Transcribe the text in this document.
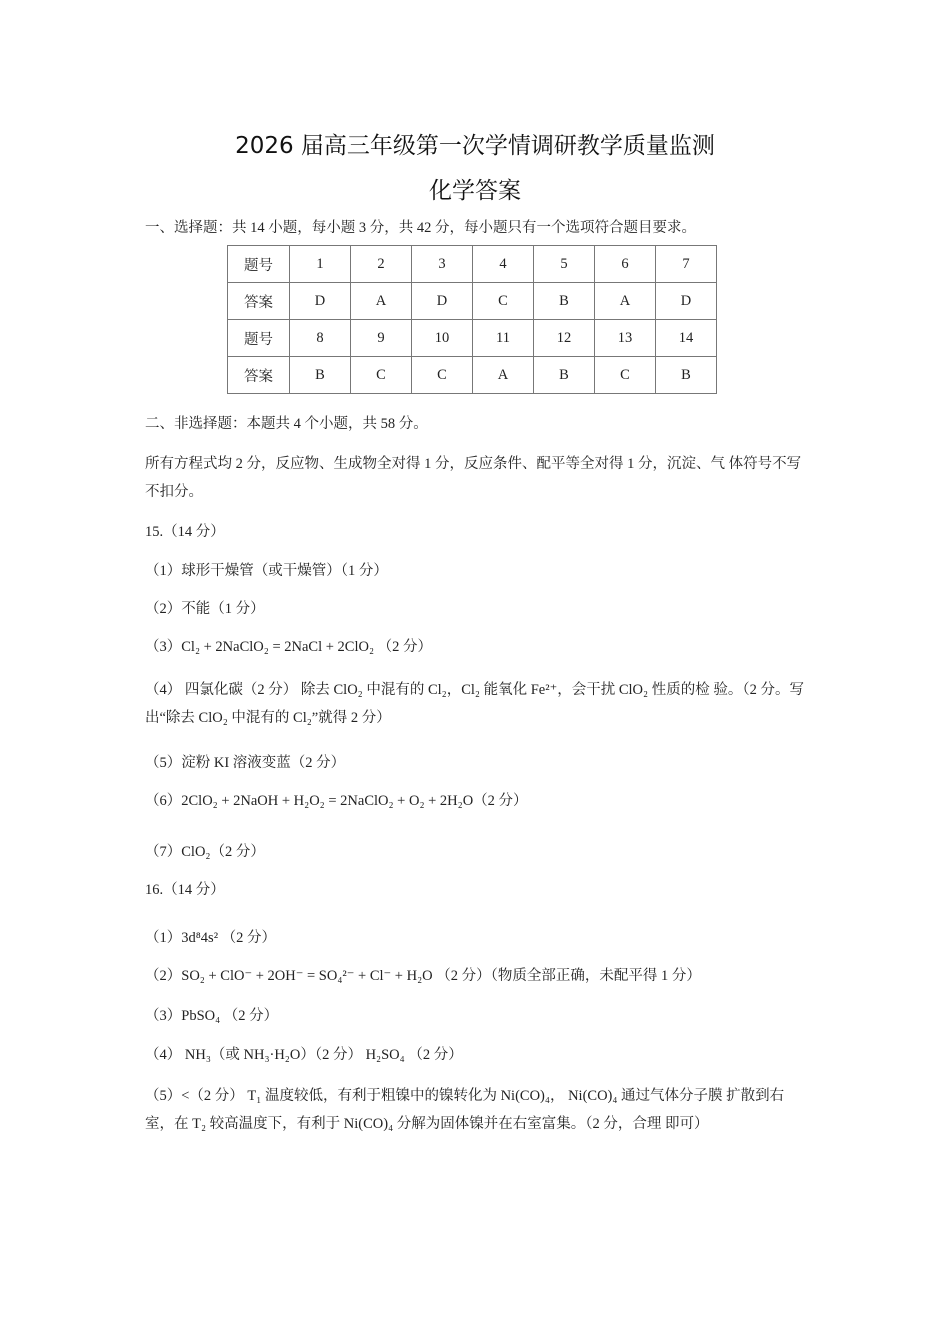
2026 届高三年级第一次学情调研教学质量监测
化学答案
一、选择题：共 14 小题，每小题 3 分，共 42 分，每小题只有一个选项符合题目要求。
题号	1	2	3	4	5	6	7
答案	D	A	D	C	B	A	D
题号	8	9	10	11	12	13	14
答案	B	C	C	A	B	C	B
二、非选择题：本题共 4 个小题，共 58 分。
所有方程式均 2 分，反应物、生成物全对得 1 分，反应条件、配平等全对得 1 分，沉淀、气 体符号不写不扣分。
15.（14 分）
（1）球形干燥管（或干燥管）（1 分）
（2）不能（1 分）
（3）Cl₂ + 2NaClO₂ = 2NaCl + 2ClO₂ （2 分）
（4） 四氯化碳（2 分） 除去 ClO₂ 中混有的 Cl₂，Cl₂ 能氧化 Fe²⁺，会干扰 ClO₂ 性质的检 验。（2 分。写出“除去 ClO₂ 中混有的 Cl₂”就得 2 分）
（5）淀粉 KI 溶液变蓝（2 分）
（6）2ClO₂ + 2NaOH + H₂O₂ = 2NaClO₂ + O₂ + 2H₂O（2 分）
（7）ClO₂（2 分）
16.（14 分）
（1）3d⁸4s² （2 分）
（2）SO₂ + ClO⁻ + 2OH⁻ = SO₄²⁻ + Cl⁻ + H₂O （2 分）（物质全部正确，未配平得 1 分）
（3）PbSO₄ （2 分）
（4） NH₃（或 NH₃·H₂O）（2 分） H₂SO₄ （2 分）
（5）<（2 分） T₁ 温度较低，有利于粗镍中的镍转化为 Ni(CO)₄， Ni(CO)₄ 通过气体分子膜 扩散到右室，在 T₂ 较高温度下，有利于 Ni(CO)₄ 分解为固体镍并在右室富集。（2 分，合理 即可）
